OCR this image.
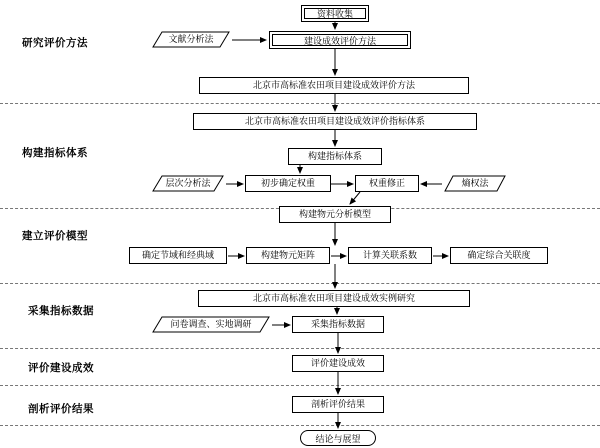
研究评价方法
构建指标体系
建立评价模型
采集指标数据
评价建设成效
剖析评价结果
资料收集
文献分析法	建设成效评价方法
北京市高标准农田项目建设成效评价方法
北京市高标准农田项目建设成效评价指标体系
构建指标体系
层次分析法	初步确定权重	权重修正	熵权法
构建物元分析模型
确定节域和经典域	构建物元矩阵	计算关联系数	确定综合关联度
北京市高标准农田项目建设成效实例研究
问卷调查、实地调研	采集指标数据
评价建设成效
剖析评价结果
结论与展望
